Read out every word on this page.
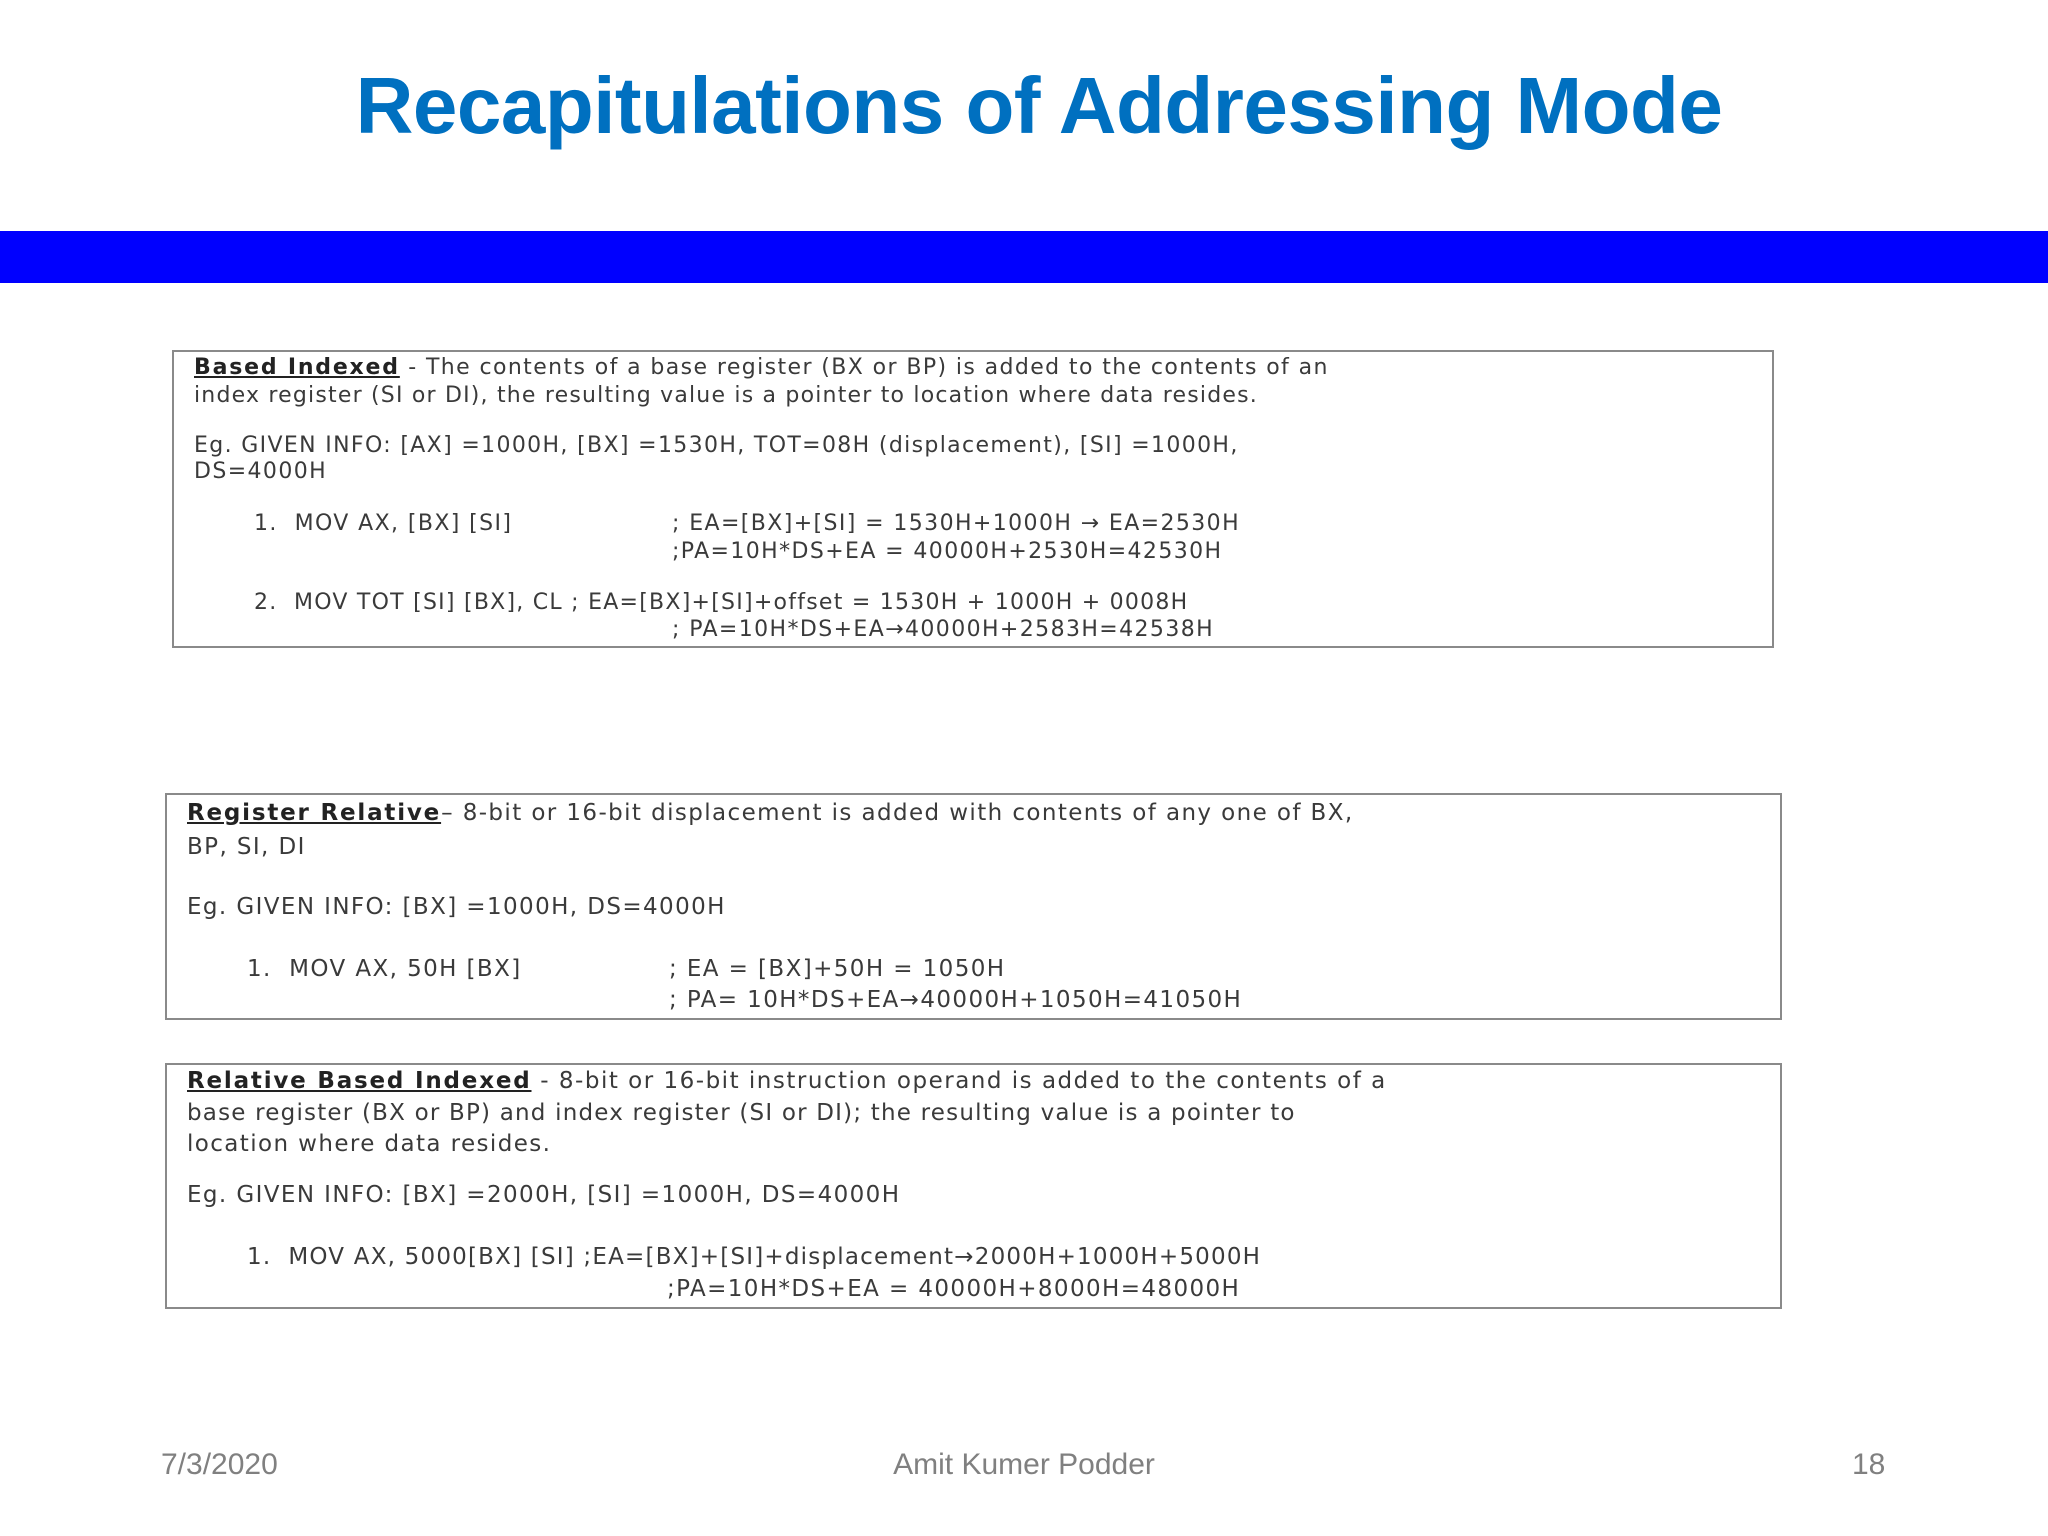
Recapitulations of Addressing Mode
Based Indexed - The contents of a base register (BX or BP) is added to the contents of an
index register (SI or DI), the resulting value is a pointer to location where data resides.
Eg. GIVEN INFO: [AX] =1000H, [BX] =1530H, TOT=08H (displacement), [SI] =1000H,
DS=4000H
1.  MOV AX, [BX] [SI]	; EA=[BX]+[SI] = 1530H+1000H → EA=2530H
;PA=10H*DS+EA = 40000H+2530H=42530H
2.  MOV TOT [SI] [BX], CL ; EA=[BX]+[SI]+offset = 1530H + 1000H + 0008H
; PA=10H*DS+EA→40000H+2583H=42538H
Register Relative– 8-bit or 16-bit displacement is added with contents of any one of BX,
BP, SI, DI
Eg. GIVEN INFO: [BX] =1000H, DS=4000H
1.  MOV AX, 50H [BX]	; EA = [BX]+50H = 1050H
; PA= 10H*DS+EA→40000H+1050H=41050H
Relative Based Indexed - 8-bit or 16-bit instruction operand is added to the contents of a
base register (BX or BP) and index register (SI or DI); the resulting value is a pointer to
location where data resides.
Eg. GIVEN INFO: [BX] =2000H, [SI] =1000H, DS=4000H
1.  MOV AX, 5000[BX] [SI] ;EA=[BX]+[SI]+displacement→2000H+1000H+5000H
;PA=10H*DS+EA = 40000H+8000H=48000H
7/3/2020	Amit Kumer Podder	18
